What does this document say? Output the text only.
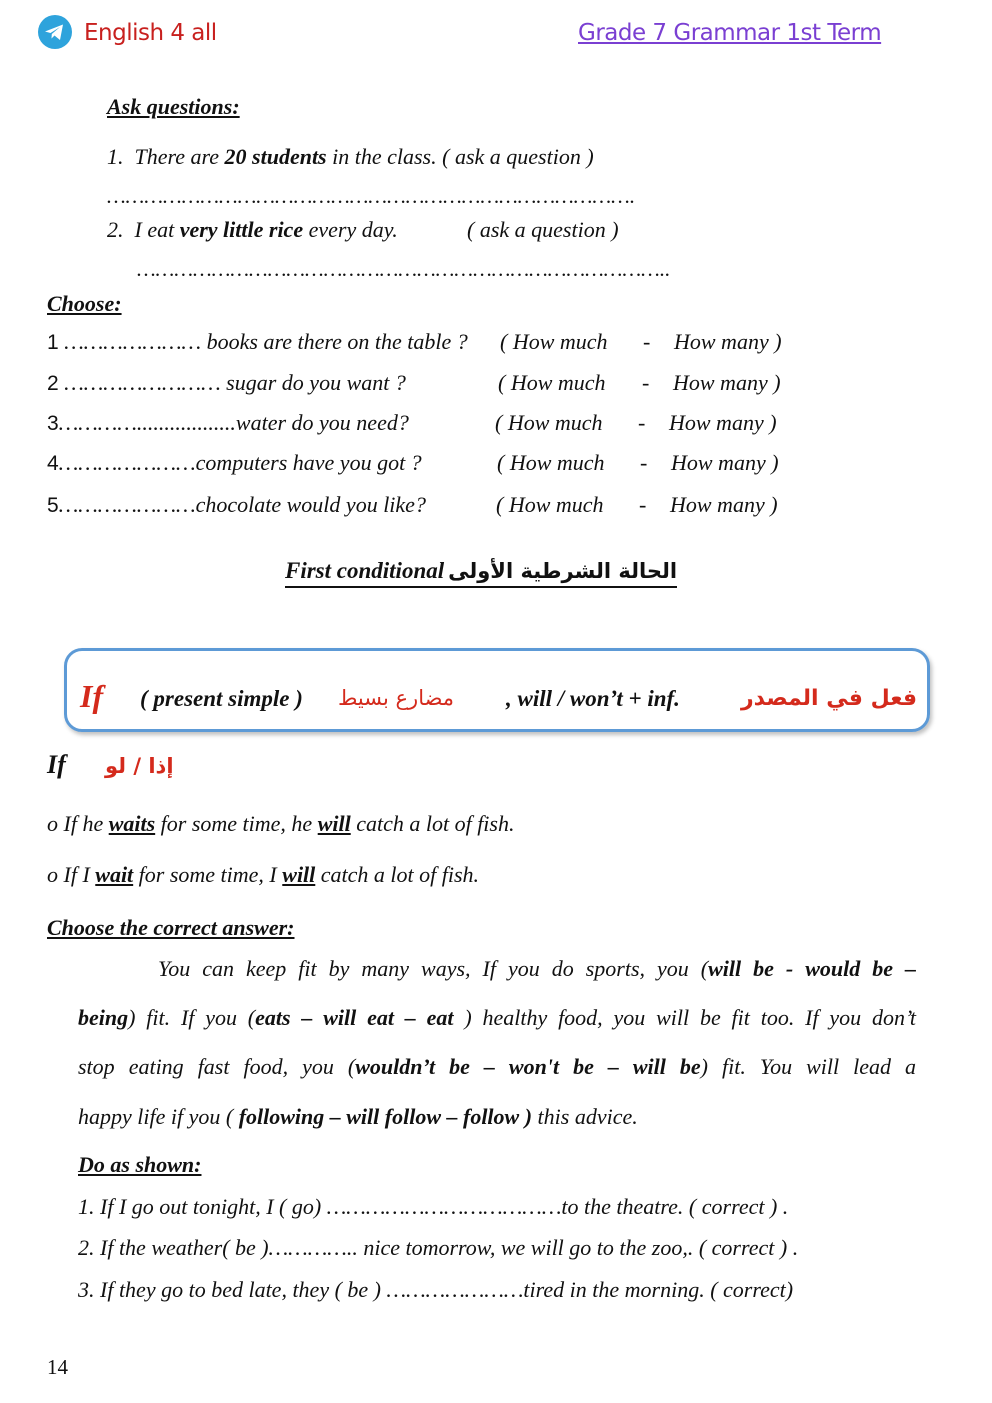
English 4 all	Grade 7 Grammar 1st Term
Ask questions:
1. There are 20 students in the class. ( ask a question )
………………………………………………………………………….
2. I eat very little rice every day.	( ask a question )
…………………………………………………………………………..
Choose:
1 ………………… books are there on the table ? ( How much - How many )
2 …………………… sugar do you want ?	( How much - How many )
3…………..................water do you need?	( How much - How many )
4…………………computers have you got ?	( How much - How many )
5…………………chocolate would you like?	( How much - How many )
First conditional الحالة الشرطية الأولى
If ( present simple ) مضارع بسيط , will / won’t + inf.	فعل في المصدر
If إذا / لو
o If he waits for some time, he will catch a lot of fish.
o If I wait for some time, I will catch a lot of fish.
Choose the correct answer:
You can keep fit by many ways, If you do sports, you (will be - would be –
being) fit. If you (eats – will eat – eat ) healthy food, you will be fit too. If you don’t
stop eating fast food, you (wouldn’t be – won't be – will be) fit. You will lead a
happy life if you ( following – will follow – follow ) this advice.
Do as shown:
1. If I go out tonight, I ( go) ………………………………to the theatre. ( correct ) .
2. If the weather( be )………….. nice tomorrow, we will go to the zoo,. ( correct ) .
3. If they go to bed late, they ( be ) …………………tired in the morning. ( correct)
14
